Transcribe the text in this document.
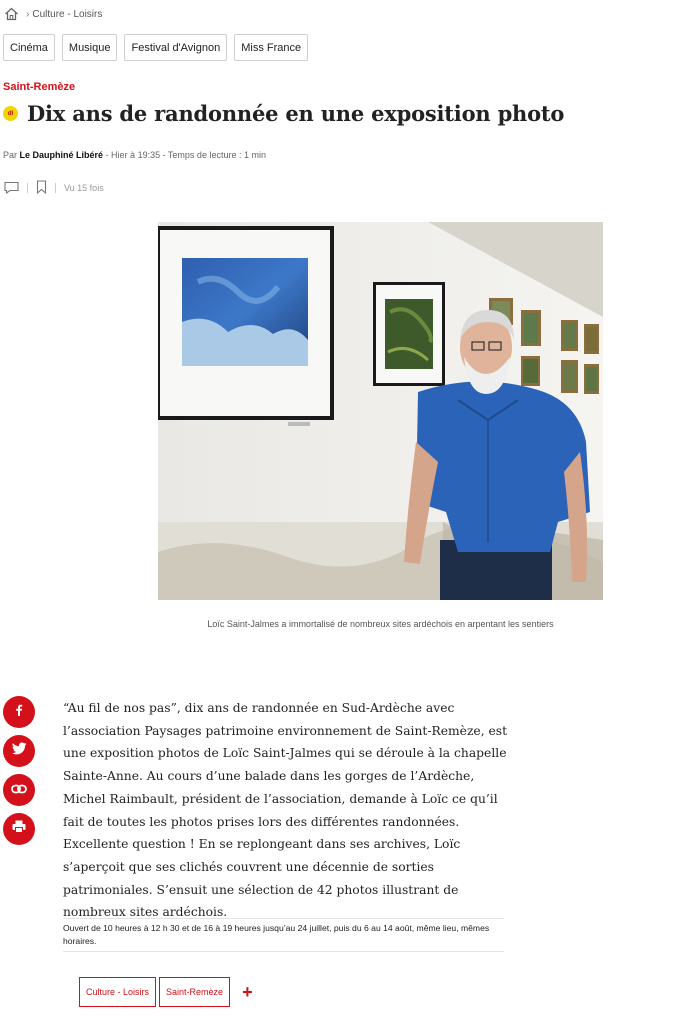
› Culture - Loisirs
Cinéma	Musique	Festival d'Avignon	Miss France
Saint-Remèze
dl Dix ans de randonnée en une exposition photo
Par Le Dauphiné Libéré - Hier à 19:35 - Temps de lecture : 1 min
Vu 15 fois
Loïc Saint-Jalmes a immortalisé de nombreux sites ardéchois en arpentant les sentiers
“Au fil de nos pas”, dix ans de randonnée en Sud-Ardèche avec l’association Paysages patrimoine environnement de Saint-Remèze, est une exposition photos de Loïc Saint-Jalmes qui se déroule à la chapelle Sainte-Anne. Au cours d’une balade dans les gorges de l’Ardèche, Michel Raimbault, président de l’association, demande à Loïc ce qu’il fait de toutes les photos prises lors des différentes randonnées. Excellente question ! En se replongeant dans ses archives, Loïc s’aperçoit que ses clichés couvrent une décennie de sorties patrimoniales. S’ensuit une sélection de 42 photos illustrant de nombreux sites ardéchois.
Ouvert de 10 heures à 12 h 30 et de 16 à 19 heures jusqu’au 24 juillet, puis du 6 au 14 août, même lieu, mêmes horaires.
Culture - Loisirs	Saint-Remèze	+
